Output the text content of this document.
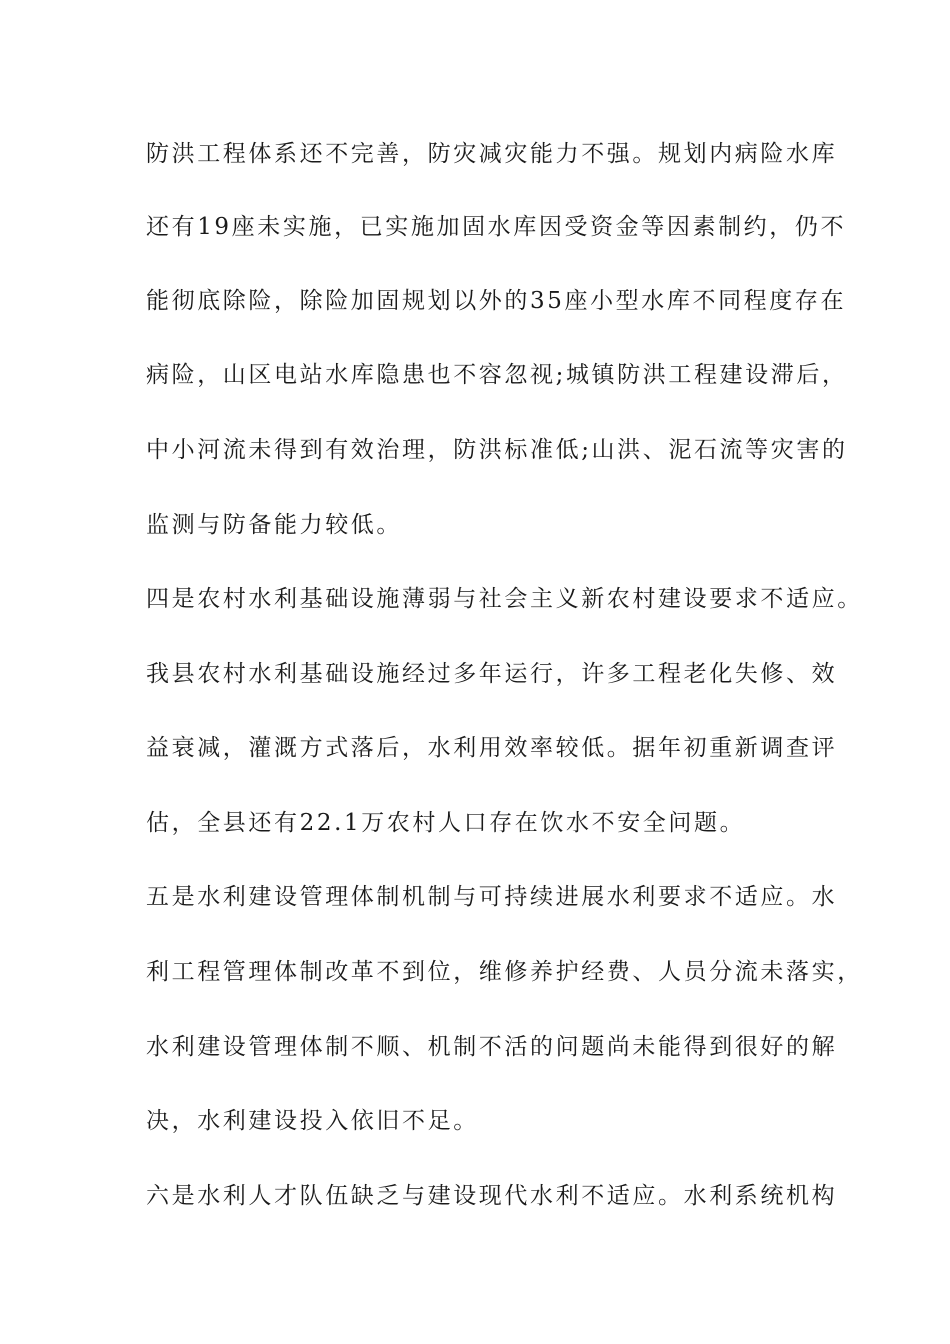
防洪工程体系还不完善，防灾减灾能力不强。规划内病险水库
还有19座未实施，已实施加固水库因受资金等因素制约，仍不
能彻底除险，除险加固规划以外的35座小型水库不同程度存在
病险，山区电站水库隐患也不容忽视;城镇防洪工程建设滞后，
中小河流未得到有效治理，防洪标准低;山洪、泥石流等灾害的
监测与防备能力较低。
四是农村水利基础设施薄弱与社会主义新农村建设要求不适应。
我县农村水利基础设施经过多年运行，许多工程老化失修、效
益衰减，灌溉方式落后，水利用效率较低。据年初重新调查评
估，全县还有22.1万农村人口存在饮水不安全问题。
五是水利建设管理体制机制与可持续进展水利要求不适应。水
利工程管理体制改革不到位，维修养护经费、人员分流未落实，
水利建设管理体制不顺、机制不活的问题尚未能得到很好的解
决，水利建设投入依旧不足。
六是水利人才队伍缺乏与建设现代水利不适应。水利系统机构
